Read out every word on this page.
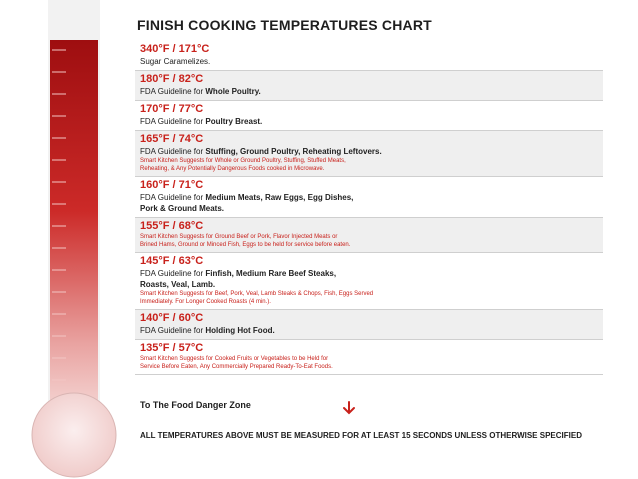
FINISH COOKING TEMPERATURES CHART
340°F / 171°C
Sugar Caramelizes.
180°F / 82°C
FDA Guideline for Whole Poultry.
170°F / 77°C
FDA Guideline for Poultry Breast.
165°F / 74°C
FDA Guideline for Stuffing, Ground Poultry, Reheating Leftovers.
Smart Kitchen Suggests for Whole or Ground Poultry, Stuffing, Stuffed Meats,
Reheating, & Any Potentially Dangerous Foods cooked in Microwave.
160°F / 71°C
FDA Guideline for Medium Meats, Raw Eggs, Egg Dishes,
Pork & Ground Meats.
155°F / 68°C
Smart Kitchen Suggests for Ground Beef or Pork, Flavor Injected Meats or
Brined Hams, Ground or Minced Fish, Eggs to be held for service before eaten.
145°F / 63°C
FDA Guideline for Finfish, Medium Rare Beef Steaks,
Roasts, Veal, Lamb.
Smart Kitchen Suggests for Beef, Pork, Veal, Lamb Steaks & Chops, Fish, Eggs Served
Immediately. For Longer Cooked Roasts (4 min.).
140°F / 60°C
FDA Guideline for Holding Hot Food.
135°F / 57°C
Smart Kitchen Suggests for Cooked Fruits or Vegetables to be Held for
Service Before Eaten, Any Commercially Prepared Ready-To-Eat Foods.
To The Food Danger Zone
ALL TEMPERATURES ABOVE MUST BE MEASURED FOR AT LEAST 15 SECONDS UNLESS OTHERWISE SPECIFIED
